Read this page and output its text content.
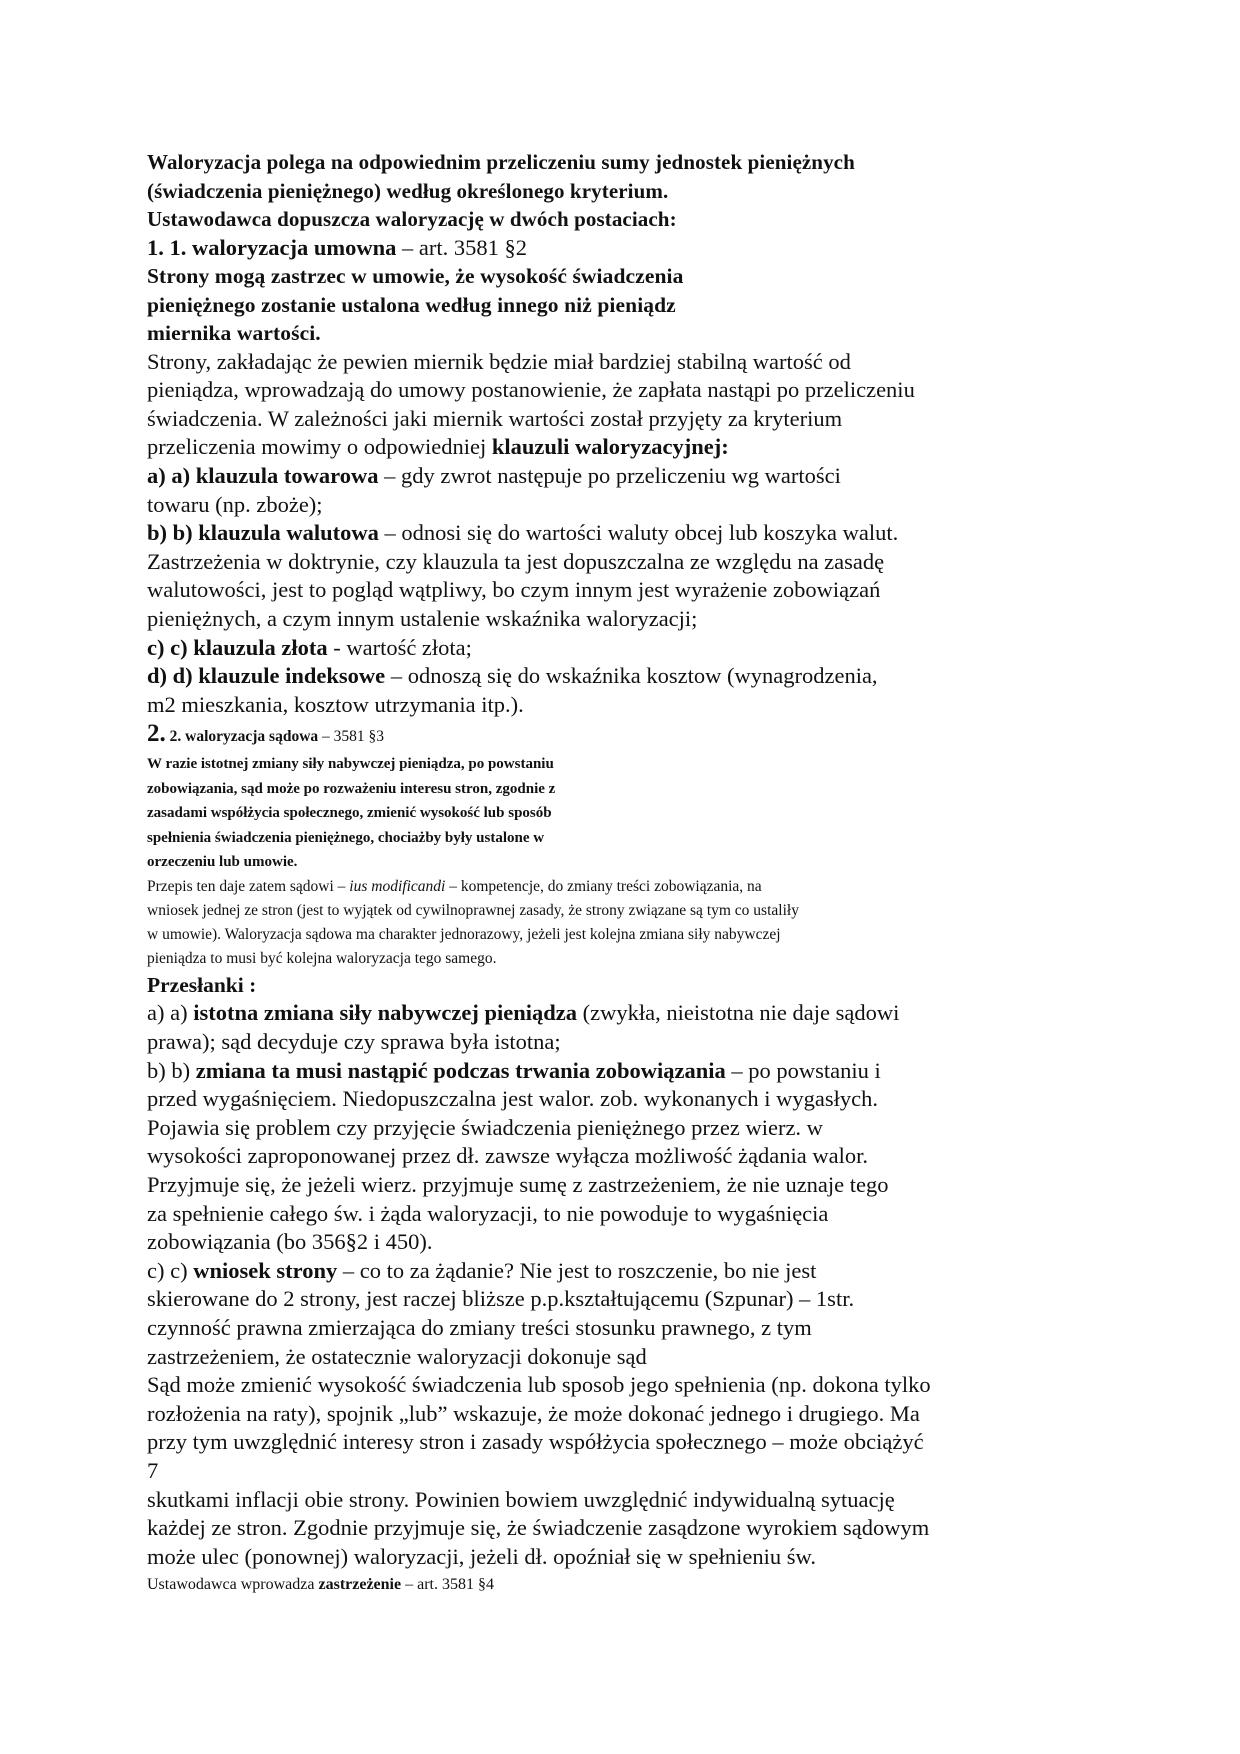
Waloryzacja polega na odpowiednim przeliczeniu sumy jednostek pieniężnych
(świadczenia pieniężnego) według określonego kryterium.
Ustawodawca dopuszcza waloryzację w dwóch postaciach:
1. 1. waloryzacja umowna – art. 3581 §2
Strony mogą zastrzec w umowie, że wysokość świadczenia
pieniężnego zostanie ustalona według innego niż pieniądz
miernika wartości.
Strony, zakładając że pewien miernik będzie miał bardziej stabilną wartość od
pieniądza, wprowadzają do umowy postanowienie, że zapłata nastąpi po przeliczeniu
świadczenia. W zależności jaki miernik wartości został przyjęty za kryterium
przeliczenia mowimy o odpowiedniej klauzuli waloryzacyjnej:
a) a) klauzula towarowa – gdy zwrot następuje po przeliczeniu wg wartości
towaru (np. zboże);
b) b) klauzula walutowa – odnosi się do wartości waluty obcej lub koszyka walut.
Zastrzeżenia w doktrynie, czy klauzula ta jest dopuszczalna ze względu na zasadę
walutowości, jest to pogląd wątpliwy, bo czym innym jest wyrażenie zobowiązań
pieniężnych, a czym innym ustalenie wskaźnika waloryzacji;
c) c) klauzula złota - wartość złota;
d) d) klauzule indeksowe – odnoszą się do wskaźnika kosztow (wynagrodzenia,
m2 mieszkania, kosztow utrzymania itp.).
2. 2. waloryzacja sądowa – 3581 §3
W razie istotnej zmiany siły nabywczej pieniądza, po powstaniu
zobowiązania, sąd może po rozważeniu interesu stron, zgodnie z
zasadami współżycia społecznego, zmienić wysokość lub sposób
spełnienia świadczenia pieniężnego, chociażby były ustalone w
orzeczeniu lub umowie.
Przepis ten daje zatem sądowi – ius modificandi – kompetencje, do zmiany treści zobowiązania, na
wniosek jednej ze stron (jest to wyjątek od cywilnoprawnej zasady, że strony związane są tym co ustaliły
w umowie). Waloryzacja sądowa ma charakter jednorazowy, jeżeli jest kolejna zmiana siły nabywczej
pieniądza to musi być kolejna waloryzacja tego samego.
Przesłanki :
a) a) istotna zmiana siły nabywczej pieniądza (zwykła, nieistotna nie daje sądowi
prawa); sąd decyduje czy sprawa była istotna;
b) b) zmiana ta musi nastąpić podczas trwania zobowiązania – po powstaniu i
przed wygaśnięciem. Niedopuszczalna jest walor. zob. wykonanych i wygasłych.
Pojawia się problem czy przyjęcie świadczenia pieniężnego przez wierz. w
wysokości zaproponowanej przez dł. zawsze wyłącza możliwość żądania walor.
Przyjmuje się, że jeżeli wierz. przyjmuje sumę z zastrzeżeniem, że nie uznaje tego
za spełnienie całego św. i żąda waloryzacji, to nie powoduje to wygaśnięcia
zobowiązania (bo 356§2 i 450).
c) c) wniosek strony – co to za żądanie? Nie jest to roszczenie, bo nie jest
skierowane do 2 strony, jest raczej bliższe p.p.kształtującemu (Szpunar) – 1str.
czynność prawna zmierzająca do zmiany treści stosunku prawnego, z tym
zastrzeżeniem, że ostatecznie waloryzacji dokonuje sąd
Sąd może zmienić wysokość świadczenia lub sposob jego spełnienia (np. dokona tylko
rozłożenia na raty), spojnik „lub” wskazuje, że może dokonać jednego i drugiego. Ma
przy tym uwzględnić interesy stron i zasady współżycia społecznego – może obciążyć
7
skutkami inflacji obie strony. Powinien bowiem uwzględnić indywidualną sytuację
każdej ze stron. Zgodnie przyjmuje się, że świadczenie zasądzone wyrokiem sądowym
może ulec (ponownej) waloryzacji, jeżeli dł. opoźniał się w spełnieniu św.
Ustawodawca wprowadza zastrzeżenie – art. 3581 §4
